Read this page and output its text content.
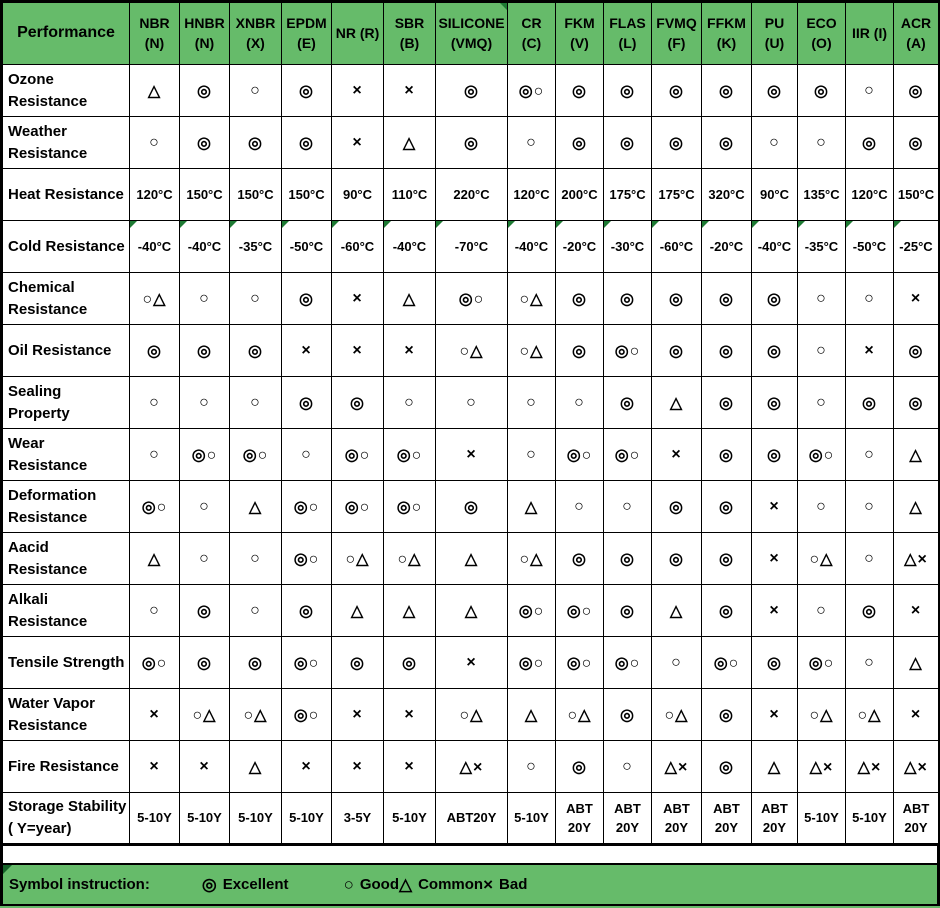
Performance	NBR (N)	HNBR (N)	XNBR (X)	EPDM (E)	NR (R)	SBR (B)	SILICONE (VMQ)	CR (C)	FKM (V)	FLAS (L)	FVMQ (F)	FFKM (K)	PU (U)	ECO (O)	IIR (I)	ACR (A)
Ozone Resistance	△	◎	○	◎	×	×	◎	◎○	◎	◎	◎	◎	◎	◎	○	◎
Weather Resistance	○	◎	◎	◎	×	△	◎	○	◎	◎	◎	◎	○	○	◎	◎
Heat Resistance	120°C	150°C	150°C	150°C	90°C	110°C	220°C	120°C	200°C	175°C	175°C	320°C	90°C	135°C	120°C	150°C
Cold Resistance	-40°C	-40°C	-35°C	-50°C	-60°C	-40°C	-70°C	-40°C	-20°C	-30°C	-60°C	-20°C	-40°C	-35°C	-50°C	-25°C
Chemical Resistance	○△	○	○	◎	×	△	◎○	○△	◎	◎	◎	◎	◎	○	○	×
Oil Resistance	◎	◎	◎	×	×	×	○△	○△	◎	◎○	◎	◎	◎	○	×	◎
Sealing Property	○	○	○	◎	◎	○	○	○	○	◎	△	◎	◎	○	◎	◎
Wear Resistance	○	◎○	◎○	○	◎○	◎○	×	○	◎○	◎○	×	◎	◎	◎○	○	△
Deformation Resistance	◎○	○	△	◎○	◎○	◎○	◎	△	○	○	◎	◎	×	○	○	△
Aacid Resistance	△	○	○	◎○	○△	○△	△	○△	◎	◎	◎	◎	×	○△	○	△×
Alkali Resistance	○	◎	○	◎	△	△	△	◎○	◎○	◎	△	◎	×	○	◎	×
Tensile Strength	◎○	◎	◎	◎○	◎	◎	×	◎○	◎○	◎○	○	◎○	◎	◎○	○	△
Water Vapor Resistance	×	○△	○△	◎○	×	×	○△	△	○△	◎	○△	◎	×	○△	○△	×
Fire Resistance	×	×	△	×	×	×	△×	○	◎	○	△×	◎	△	△×	△×	△×
Storage Stability ( Y=year)	5-10Y	5-10Y	5-10Y	5-10Y	3-5Y	5-10Y	ABT20Y	5-10Y	ABT 20Y	ABT 20Y	ABT 20Y	ABT 20Y	ABT 20Y	5-10Y	5-10Y	ABT 20Y
Symbol instruction:	◎ Excellent	○ Good △ Common × Bad
